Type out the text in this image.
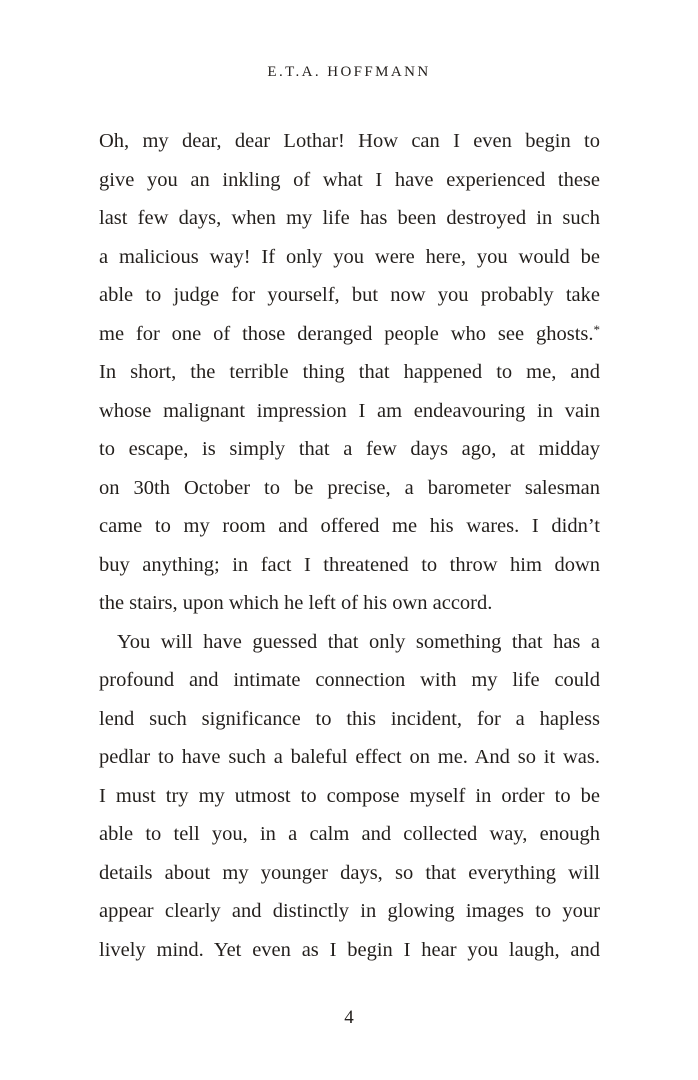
E.T.A. HOFFMANN
Oh, my dear, dear Lothar! How can I even begin to
give you an inkling of what I have experienced these
last few days, when my life has been destroyed in such
a malicious way! If only you were here, you would be
able to judge for yourself, but now you probably take
me for one of those deranged people who see ghosts.*
In short, the terrible thing that happened to me, and
whose malignant impression I am endeavouring in vain
to escape, is simply that a few days ago, at midday
on 30th October to be precise, a barometer salesman
came to my room and offered me his wares. I didn’t
buy anything; in fact I threatened to throw him down
the stairs, upon which he left of his own accord.
You will have guessed that only something that has a
profound and intimate connection with my life could
lend such significance to this incident, for a hapless
pedlar to have such a baleful effect on me. And so it was.
I must try my utmost to compose myself in order to be
able to tell you, in a calm and collected way, enough
details about my younger days, so that everything will
appear clearly and distinctly in glowing images to your
lively mind. Yet even as I begin I hear you laugh, and
4
